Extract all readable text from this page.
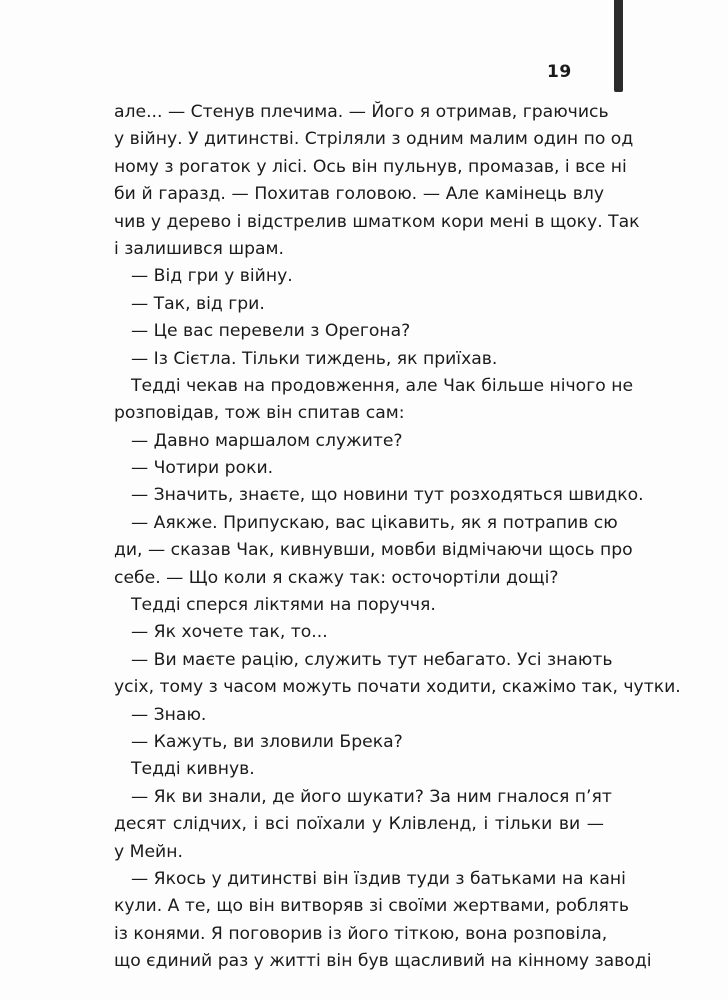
19
але... — Стенув плечима. — Його я отримав, граючись
у війну. У дитинстві. Стріляли з одним малим один по од
ному з рогаток у лісі. Ось він пульнув, промазав, і все ні
би й гаразд. — Похитав головою. — Але камінець влу
чив у дерево і відстрелив шматком кори мені в щоку. Так
і залишився шрам.
— Від гри у війну.
— Так, від гри.
— Це вас перевели з Орегона?
— Із Сієтла. Тільки тиждень, як приїхав.
Тедді чекав на продовження, але Чак більше нічого не
розповідав, тож він спитав сам:
— Давно маршалом служите?
— Чотири роки.
— Значить, знаєте, що новини тут розходяться швидко.
— Аякже. Припускаю, вас цікавить, як я потрапив сю
ди, — сказав Чак, кивнувши, мовби відмічаючи щось про
себе. — Що коли я скажу так: осточортіли дощі?
Тедді сперся ліктями на поруччя.
— Як хочете так, то...
— Ви маєте рацію, служить тут небагато. Усі знають
усіх, тому з часом можуть почати ходити, скажімо так, чутки.
— Знаю.
— Кажуть, ви зловили Брека?
Тедді кивнув.
— Як ви знали, де його шукати? За ним гналося п’ят
десят слідчих, і всі поїхали у Клівленд, і тільки ви —
у Мейн.
— Якось у дитинстві він їздив туди з батьками на кані
кули. А те, що він витворяв зі своїми жертвами, роблять
із конями. Я поговорив із його тіткою, вона розповіла,
що єдиний раз у житті він був щасливий на кінному заводі
